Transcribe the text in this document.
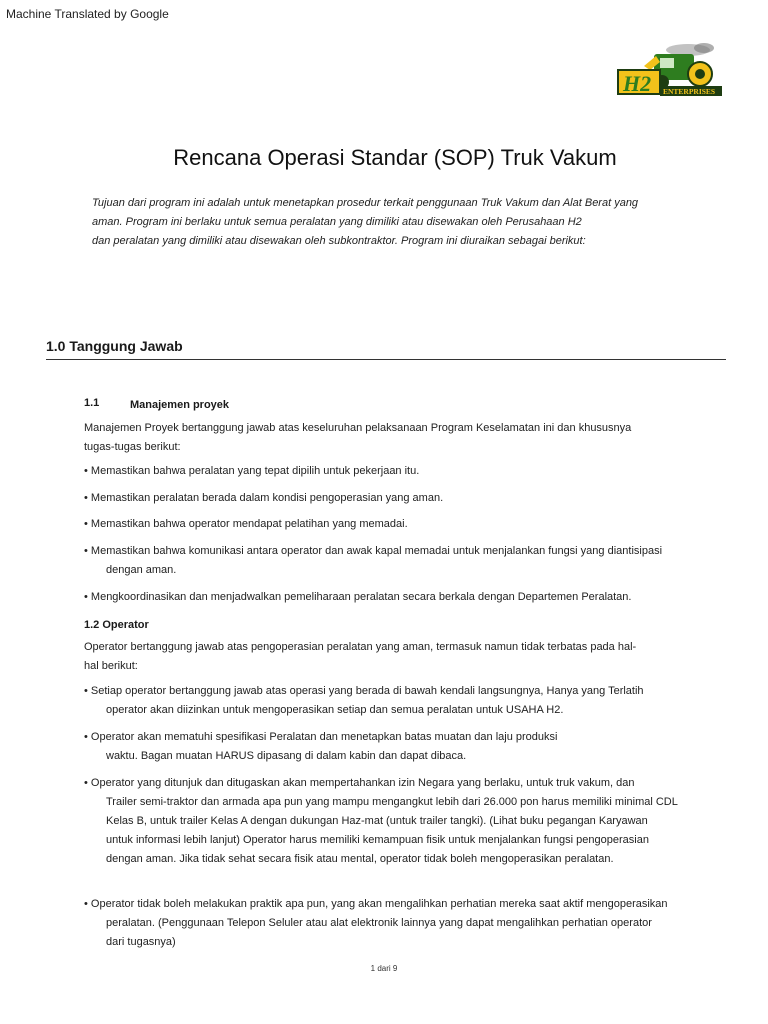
Machine Translated by Google
H2 ENTERPRISES
Rencana Operasi Standar (SOP) Truk Vakum

Tujuan dari program ini adalah untuk menetapkan prosedur terkait penggunaan Truk Vakum dan Alat Berat yang
aman. Program ini berlaku untuk semua peralatan yang dimiliki atau disewakan oleh Perusahaan H2
dan peralatan yang dimiliki atau disewakan oleh subkontraktor. Program ini diuraikan sebagai berikut:

1.0 Tanggung Jawab
1.1	Manajemen proyek

Manajemen Proyek bertanggung jawab atas keseluruhan pelaksanaan Program Keselamatan ini dan khususnya
tugas-tugas berikut:

• Memastikan bahwa peralatan yang tepat dipilih untuk pekerjaan itu.

• Memastikan peralatan berada dalam kondisi pengoperasian yang aman.

• Memastikan bahwa operator mendapat pelatihan yang memadai.

• Memastikan bahwa komunikasi antara operator dan awak kapal memadai untuk menjalankan fungsi yang diantisipasi
dengan aman.

• Mengkoordinasikan dan menjadwalkan pemeliharaan peralatan secara berkala dengan Departemen Peralatan.

1.2 Operator

Operator bertanggung jawab atas pengoperasian peralatan yang aman, termasuk namun tidak terbatas pada hal-
hal berikut:

• Setiap operator bertanggung jawab atas operasi yang berada di bawah kendali langsungnya, Hanya yang Terlatih
operator akan diizinkan untuk mengoperasikan setiap dan semua peralatan untuk USAHA H2.

• Operator akan mematuhi spesifikasi Peralatan dan menetapkan batas muatan dan laju produksi
waktu. Bagan muatan HARUS dipasang di dalam kabin dan dapat dibaca.

• Operator yang ditunjuk dan ditugaskan akan mempertahankan izin Negara yang berlaku, untuk truk vakum, dan
Trailer semi-traktor dan armada apa pun yang mampu mengangkut lebih dari 26.000 pon harus memiliki minimal CDL
Kelas B, untuk trailer Kelas A dengan dukungan Haz-mat (untuk trailer tangki). (Lihat buku pegangan Karyawan
untuk informasi lebih lanjut) Operator harus memiliki kemampuan fisik untuk menjalankan fungsi pengoperasian
dengan aman. Jika tidak sehat secara fisik atau mental, operator tidak boleh mengoperasikan peralatan.

• Operator tidak boleh melakukan praktik apa pun, yang akan mengalihkan perhatian mereka saat aktif mengoperasikan
peralatan. (Penggunaan Telepon Seluler atau alat elektronik lainnya yang dapat mengalihkan perhatian operator
dari tugasnya)

1 dari 9
